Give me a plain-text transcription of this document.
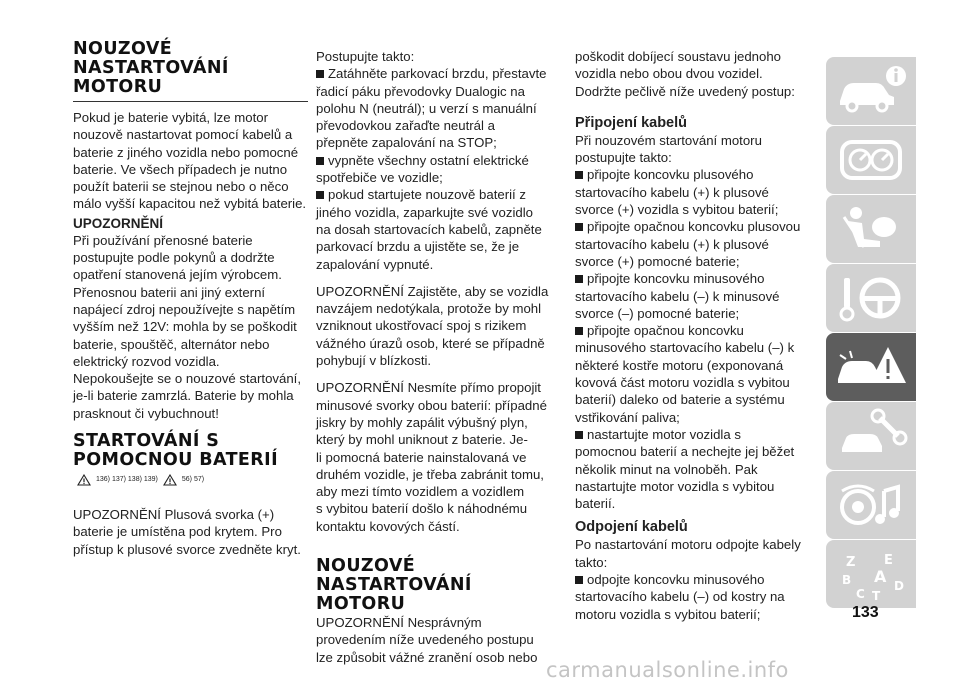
NOUZOVÉ
NASTARTOVÁNÍ
MOTORU

Pokud je baterie vybitá, lze motor

nouzově nastartovat pomocí kabelů a

baterie z jiného vozidla nebo pomocné

baterie. Ve všech případech je nutno

použít baterii se stejnou nebo o něco

málo vyšší kapacitou než vybitá baterie.

UPOZORNĚNÍ

Při používání přenosné baterie

postupujte podle pokynů a dodržte

opatření stanovená jejím výrobcem.

Přenosnou baterii ani jiný externí

napájecí zdroj nepoužívejte s napětím

vyšším než 12V: mohla by se poškodit

baterie, spouštěč, alternátor nebo

elektrický rozvod vozidla.

Nepokoušejte se o nouzové startování,

je-li baterie zamrzlá. Baterie by mohla

prasknout či vybuchnout!

STARTOVÁNÍ S
POMOCNOU BATERIÍ
136) 137) 138) 139)	56) 57)

UPOZORNĚNÍ Plusová svorka (+)

baterie je umístěna pod krytem. Pro

přístup k plusové svorce zvedněte kryt.

Postupujte takto:

Zatáhněte parkovací brzdu, přestavte

řadicí páku převodovky Dualogic na

polohu N (neutrál); u verzí s manuální

převodovkou zařaďte neutrál a

přepněte zapalování na STOP;

vypněte všechny ostatní elektrické

spotřebiče ve vozidle;

pokud startujete nouzově baterií z

jiného vozidla, zaparkujte své vozidlo

na dosah startovacích kabelů, zapněte

parkovací brzdu a ujistěte se, že je

zapalování vypnuté.

UPOZORNĚNÍ Zajistěte, aby se vozidla

navzájem nedotýkala, protože by mohl

vzniknout ukostřovací spoj s rizikem

vážného úrazů osob, které se případně

pohybují v blízkosti.

UPOZORNĚNÍ Nesmíte přímo propojit

minusové svorky obou baterií: případné

jiskry by mohly zapálit výbušný plyn,

který by mohl uniknout z baterie. Je-

li pomocná baterie nainstalovaná ve

druhém vozidle, je třeba zabránit tomu,

aby mezi tímto vozidlem a vozidlem

s vybitou baterií došlo k náhodnému

kontaktu kovových částí.

NOUZOVÉ
NASTARTOVÁNÍ MOTORU

UPOZORNĚNÍ Nesprávným

provedením níže uvedeného postupu

lze způsobit vážné zranění osob nebo

poškodit dobíjecí soustavu jednoho

vozidla nebo obou dvou vozidel.

Dodržte pečlivě níže uvedený postup:

Připojení kabelů

Při nouzovém startování motoru

postupujte takto:

připojte koncovku plusového

startovacího kabelu (+) k plusové

svorce (+) vozidla s vybitou baterií;

připojte opačnou koncovku plusovou

startovacího kabelu (+) k plusové

svorce (+) pomocné baterie;

připojte koncovku minusového

startovacího kabelu (–) k minusové

svorce (–) pomocné baterie;

připojte opačnou koncovku

minusového startovacího kabelu (–) k

některé kostře motoru (exponovaná

kovová část motoru vozidla s vybitou

baterií) daleko od baterie a systému

vstřikování paliva;

nastartujte motor vozidla s

pomocnou baterií a nechejte jej běžet

několik minut na volnoběh. Pak

nastartujte motor vozidla s vybitou

baterií.

Odpojení kabelů

Po nastartování motoru odpojte kabely

takto:

odpojte koncovku minusového

startovacího kabelu (–) od kostry na

motoru vozidla s vybitou baterií;

Z E
B A
C
D
T
133
carmanualsonline.info
